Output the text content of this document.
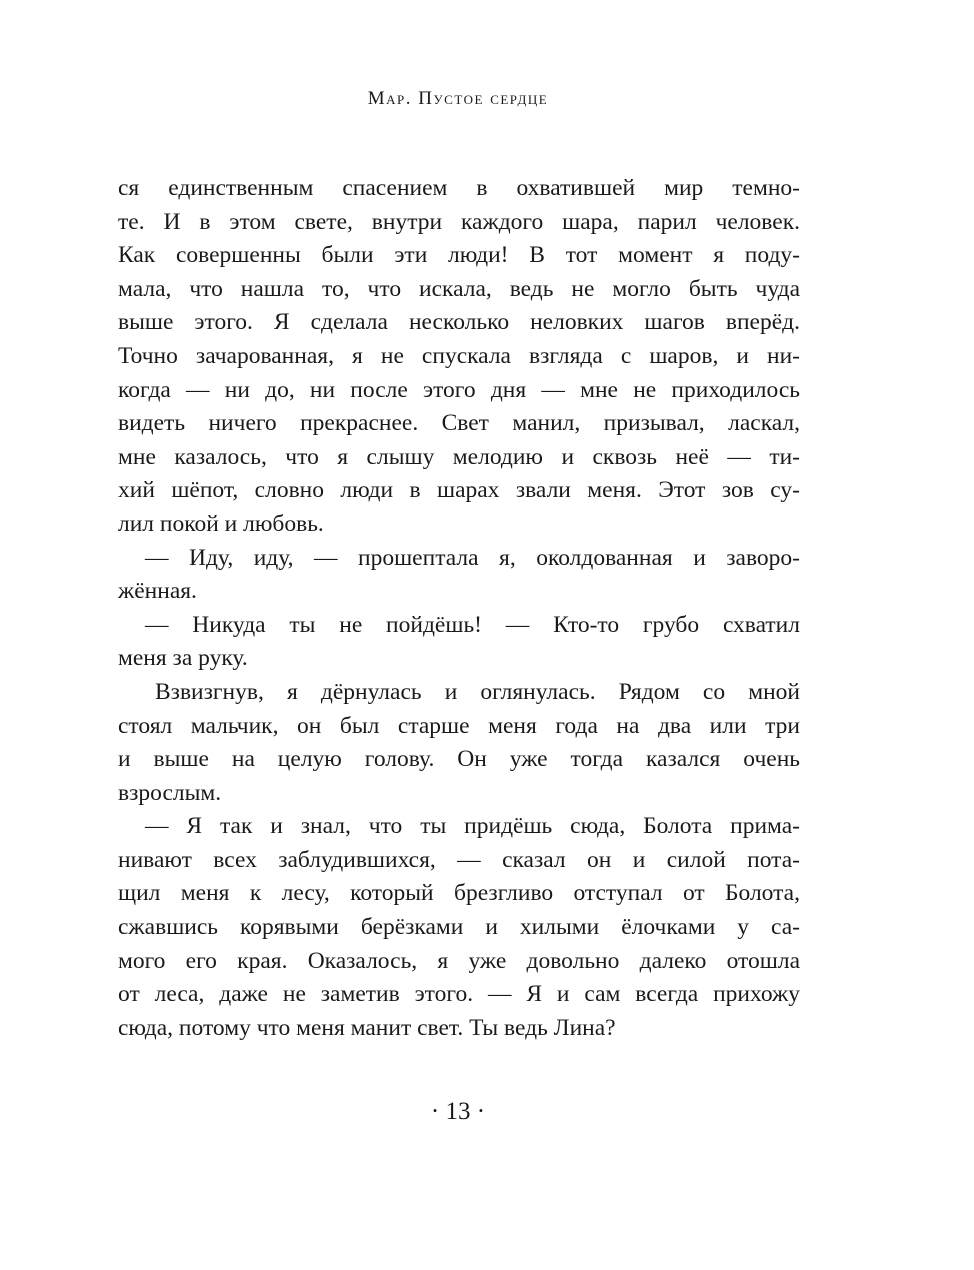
Мар. Пустое сердце
ся единственным спасением в охватившей мир темно-
те. И в этом свете, внутри каждого шара, парил человек.
Как совершенны были эти люди! В тот момент я поду-
мала, что нашла то, что искала, ведь не могло быть чуда
выше этого. Я сделала несколько неловких шагов вперёд.
Точно зачарованная, я не спускала взгляда с шаров, и ни-
когда — ни до, ни после этого дня — мне не приходилось
видеть ничего прекраснее. Свет манил, призывал, ласкал,
мне казалось, что я слышу мелодию и сквозь неё — ти-
хий шёпот, словно люди в шарах звали меня. Этот зов су-
лил покой и любовь.
— Иду, иду, — прошептала я, околдованная и заворо-
жённая.
— Никуда ты не пойдёшь! — Кто-то грубо схватил
меня за руку.
Взвизгнув, я дёрнулась и оглянулась. Рядом со мной
стоял мальчик, он был старше меня года на два или три
и выше на целую голову. Он уже тогда казался очень
взрослым.
— Я так и знал, что ты придёшь сюда, Болота прима-
нивают всех заблудившихся, — сказал он и силой пота-
щил меня к лесу, который брезгливо отступал от Болота,
сжавшись корявыми берёзками и хилыми ёлочками у са-
мого его края. Оказалось, я уже довольно далеко отошла
от леса, даже не заметив этого. — Я и сам всегда прихожу
сюда, потому что меня манит свет. Ты ведь Лина?
· 13 ·
